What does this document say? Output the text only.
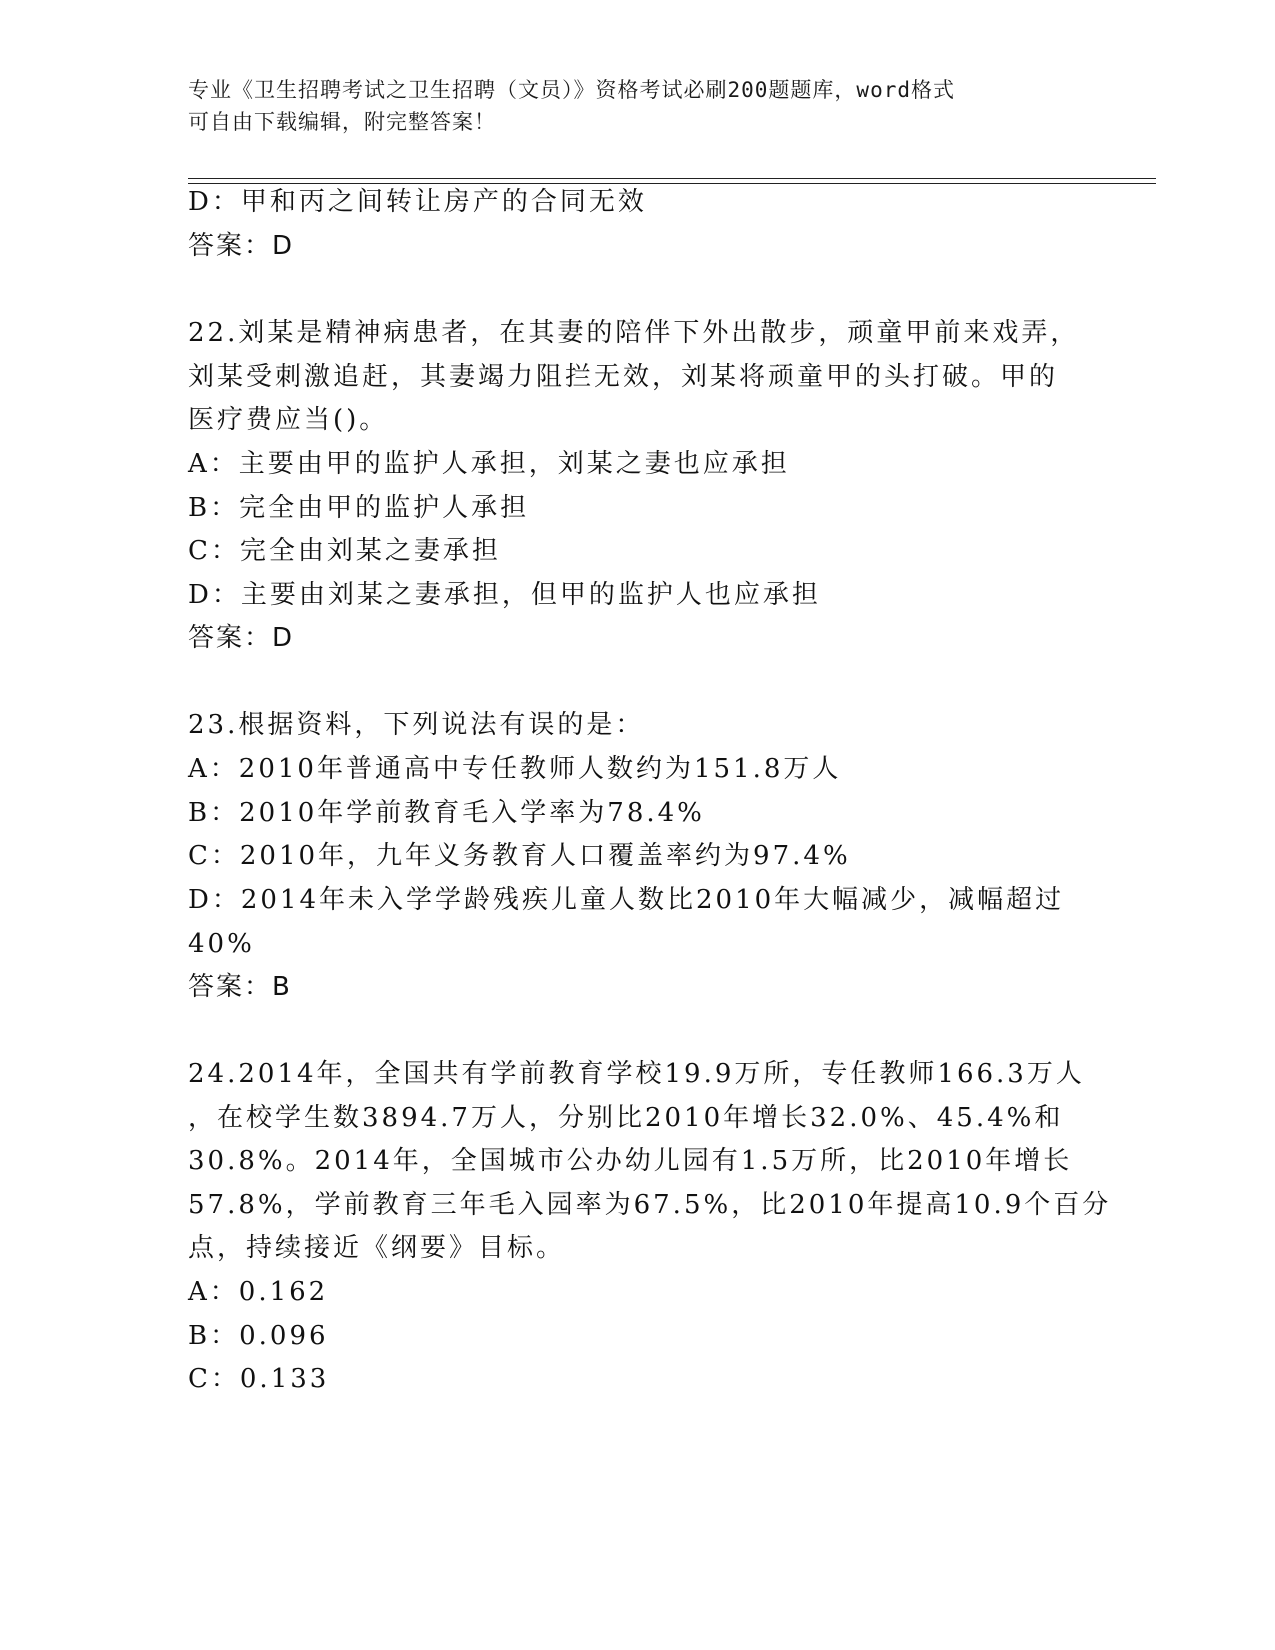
专业《卫生招聘考试之卫生招聘（文员）》资格考试必刷200题题库，word格式
可自由下载编辑，附完整答案！
D：甲和丙之间转让房产的合同无效
答案：D
22.刘某是精神病患者，在其妻的陪伴下外出散步，顽童甲前来戏弄，
刘某受刺激追赶，其妻竭力阻拦无效，刘某将顽童甲的头打破。甲的
医疗费应当()。
A：主要由甲的监护人承担，刘某之妻也应承担
B：完全由甲的监护人承担
C：完全由刘某之妻承担
D：主要由刘某之妻承担，但甲的监护人也应承担
答案：D
23.根据资料，下列说法有误的是：
A：2010年普通高中专任教师人数约为151.8万人
B：2010年学前教育毛入学率为78.4%
C：2010年，九年义务教育人口覆盖率约为97.4%
D：2014年未入学学龄残疾儿童人数比2010年大幅减少，减幅超过
40%
答案：B
24.2014年，全国共有学前教育学校19.9万所，专任教师166.3万人
，在校学生数3894.7万人，分别比2010年增长32.0%、45.4%和
30.8%。2014年，全国城市公办幼儿园有1.5万所，比2010年增长
57.8%，学前教育三年毛入园率为67.5%，比2010年提高10.9个百分
点，持续接近《纲要》目标。
A：0.162
B：0.096
C：0.133
